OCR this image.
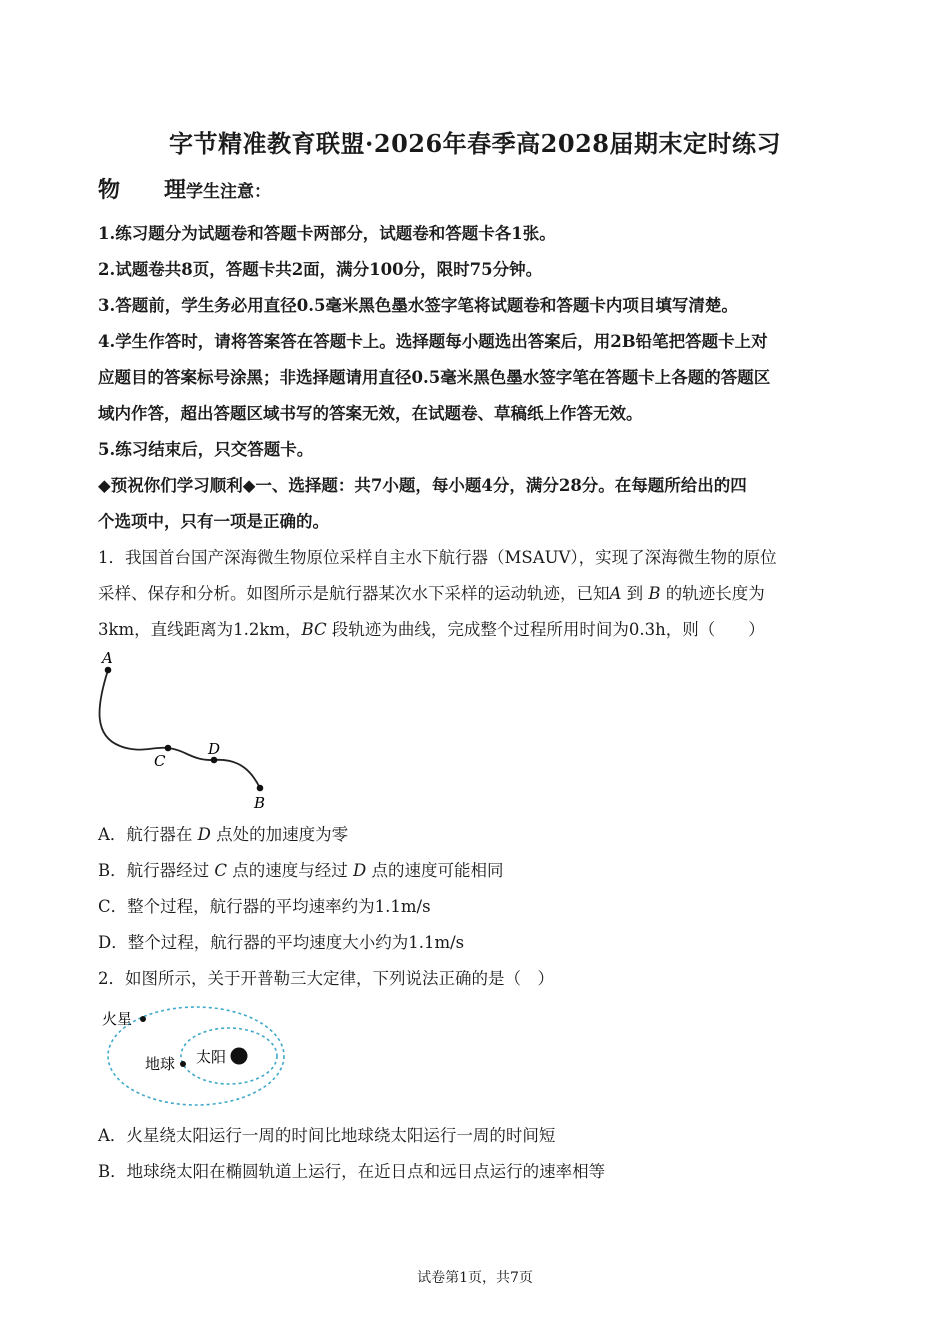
字节精准教育联盟·2026年春季高2028届期末定时练习
物 理学生注意：
1.练习题分为试题卷和答题卡两部分，试题卷和答题卡各1张。
2.试题卷共8页，答题卡共2面，满分100分，限时75分钟。
3.答题前，学生务必用直径0.5毫米黑色墨水签字笔将试题卷和答题卡内项目填写清楚。
4.学生作答时，请将答案答在答题卡上。选择题每小题选出答案后，用2B铅笔把答题卡上对
应题目的答案标号涂黑；非选择题请用直径0.5毫米黑色墨水签字笔在答题卡上各题的答题区
域内作答，超出答题区域书写的答案无效，在试题卷、草稿纸上作答无效。
5.练习结束后，只交答题卡。
◆预祝你们学习顺利◆一、选择题：共7小题，每小题4分，满分28分。在每题所给出的四
个选项中，只有一项是正确的。
1．我国首台国产深海微生物原位采样自主水下航行器（MSAUV），实现了深海微生物的原位
采样、保存和分析。如图所示是航行器某次水下采样的运动轨迹，已知A 到 B 的轨迹长度为
3km，直线距离为1.2km，BC 段轨迹为曲线，完成整个过程所用时间为0.3h，则（　　）
A
C
D
B
A．航行器在 D 点处的加速度为零
B．航行器经过 C 点的速度与经过 D 点的速度可能相同
C．整个过程，航行器的平均速率约为1.1m/s
D．整个过程，航行器的平均速度大小约为1.1m/s
2．如图所示，关于开普勒三大定律，下列说法正确的是（　）
火星
地球 太阳
A．火星绕太阳运行一周的时间比地球绕太阳运行一周的时间短
B．地球绕太阳在椭圆轨道上运行，在近日点和远日点运行的速率相等
试卷第1页，共7页
